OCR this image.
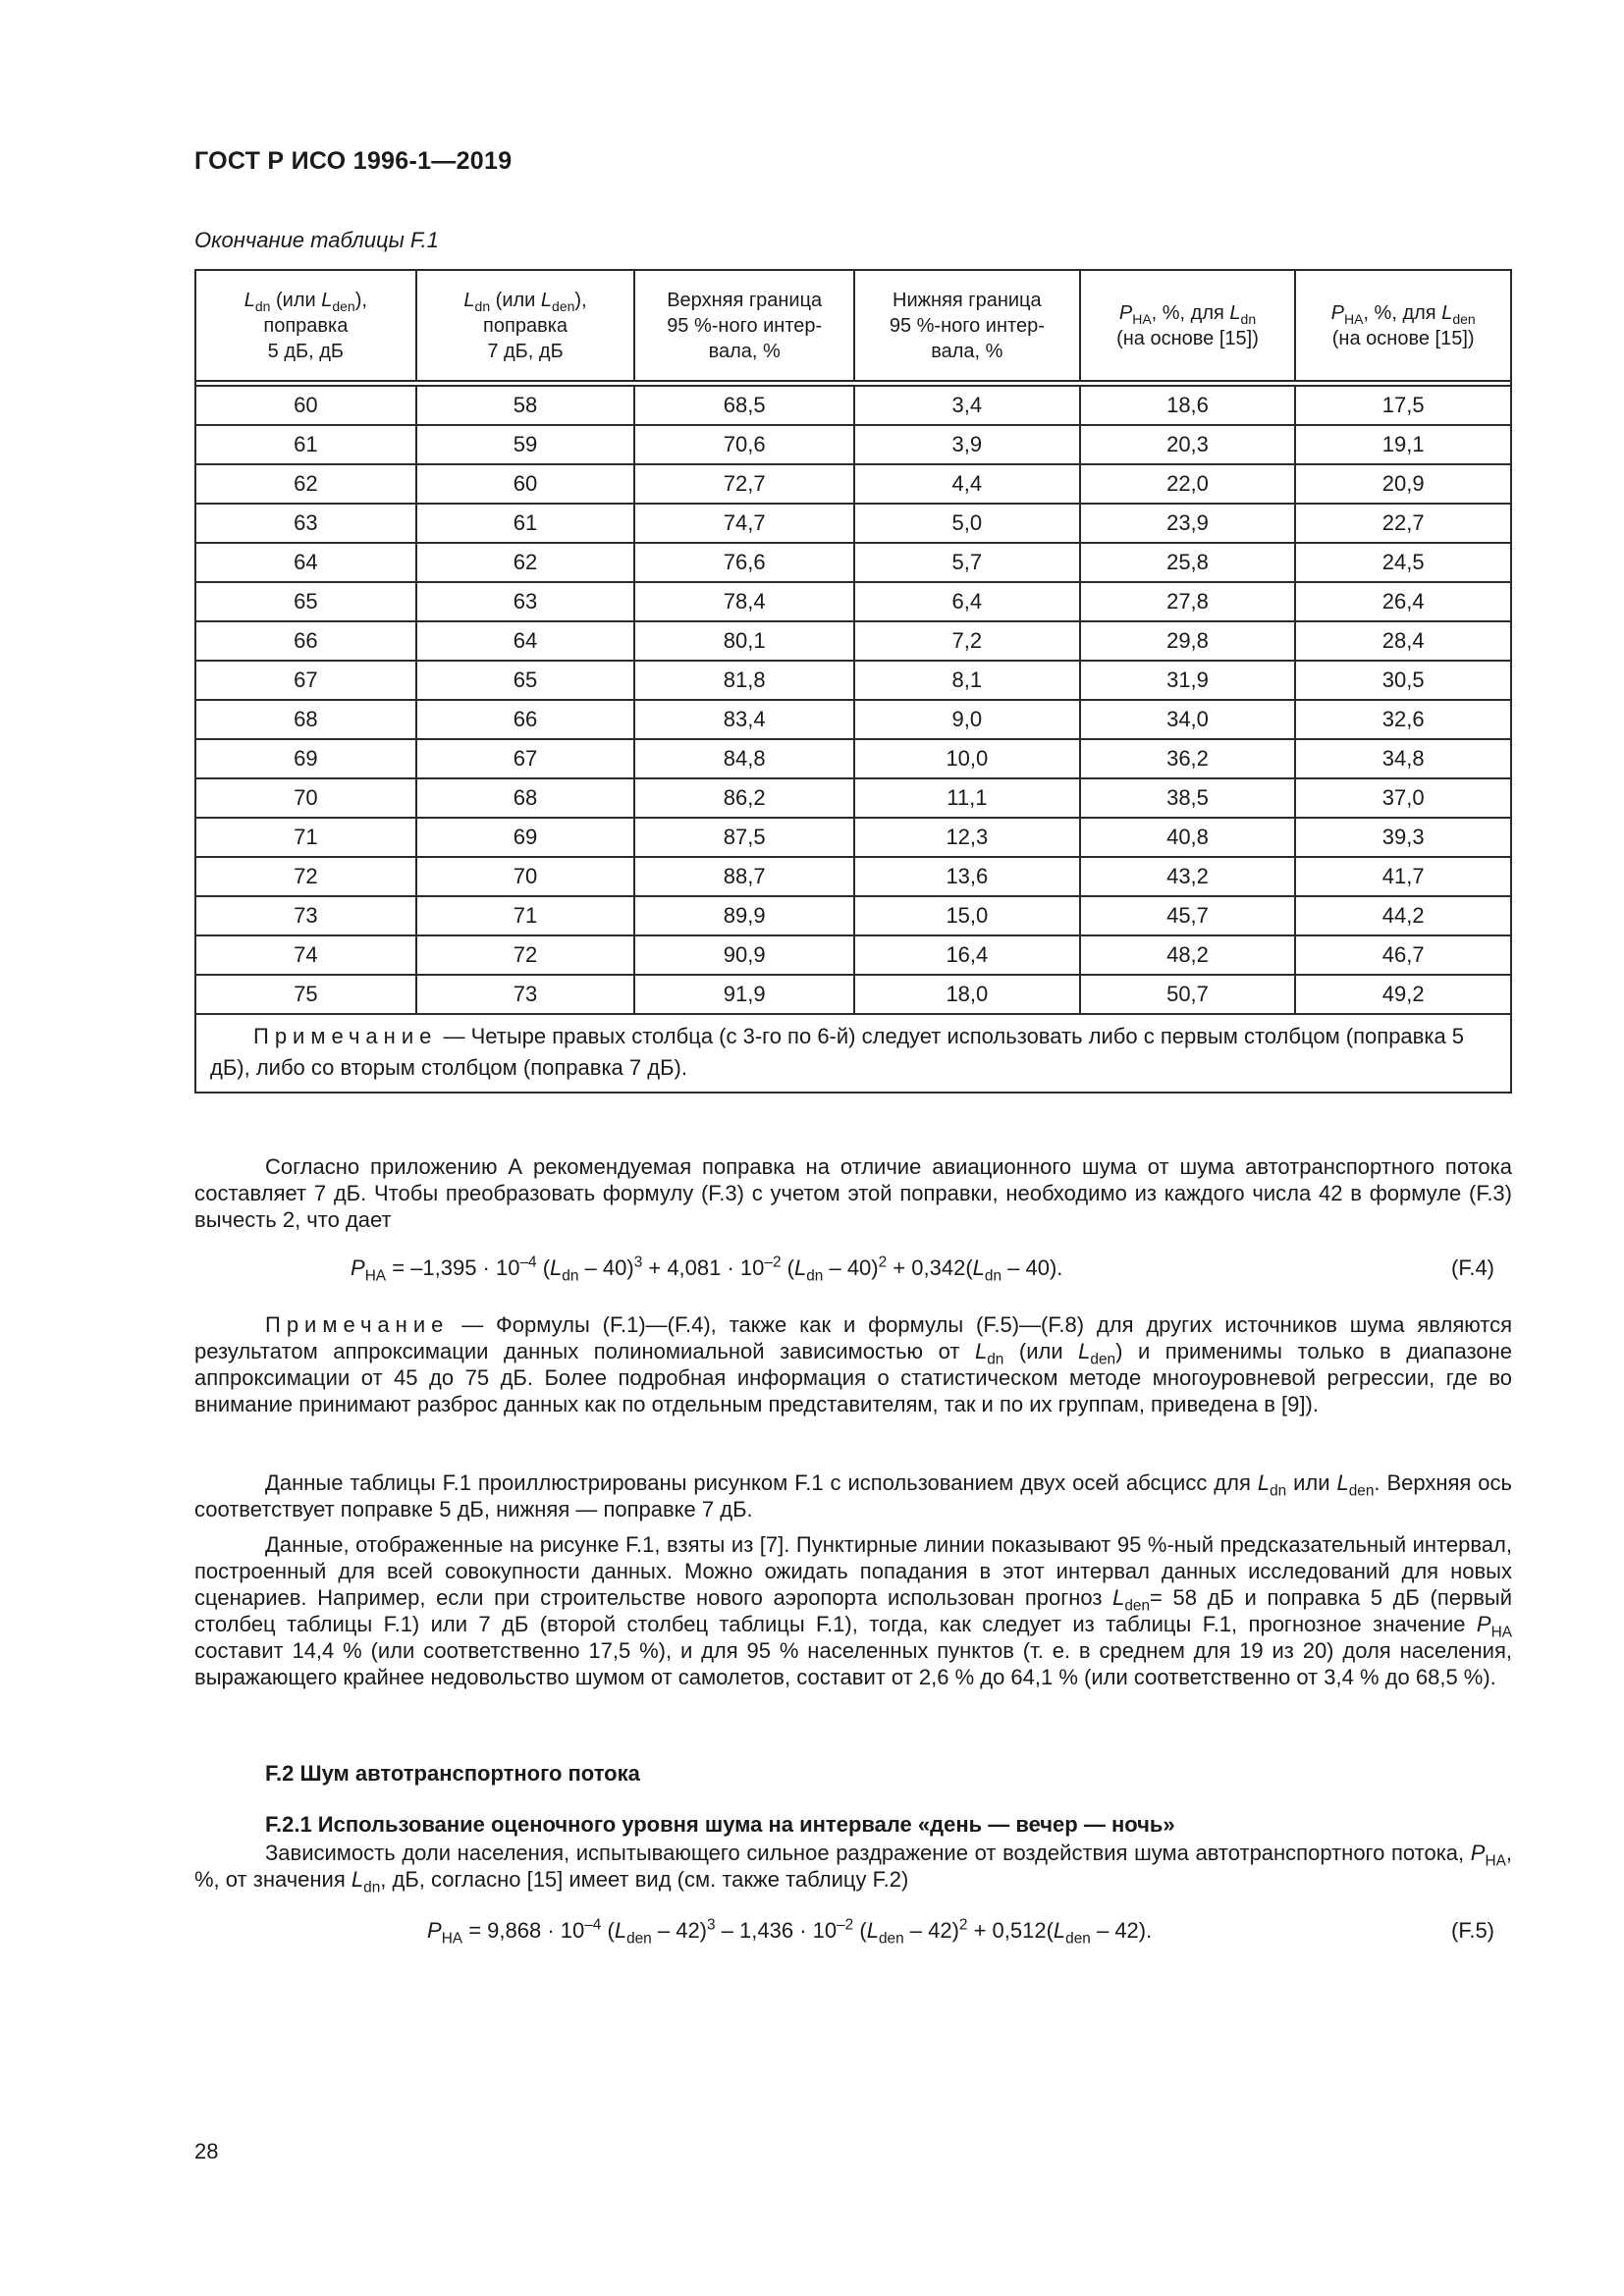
ГОСТ Р ИСО 1996-1—2019
Окончание таблицы F.1
$L_{dn}$ (или $L_{den}$),
поправка
5 дБ, дБ	$L_{dn}$ (или $L_{den}$),
поправка
7 дБ, дБ	Верхняя граница
95 %-ного интер-
вала, %	Нижняя граница
95 %-ного интер-
вала, %	$P_{HA}$, %, для $L_{dn}$
(на основе [15])	$P_{HA}$, %, для $L_{den}$
(на основе [15])

60	58	68,5	3,4	18,6	17,5
61	59	70,6	3,9	20,3	19,1
62	60	72,7	4,4	22,0	20,9
63	61	74,7	5,0	23,9	22,7
64	62	76,6	5,7	25,8	24,5
65	63	78,4	6,4	27,8	26,4
66	64	80,1	7,2	29,8	28,4
67	65	81,8	8,1	31,9	30,5
68	66	83,4	9,0	34,0	32,6
69	67	84,8	10,0	36,2	34,8
70	68	86,2	11,1	38,5	37,0
71	69	87,5	12,3	40,8	39,3
72	70	88,7	13,6	43,2	41,7
73	71	89,9	15,0	45,7	44,2
74	72	90,9	16,4	48,2	46,7
75	73	91,9	18,0	50,7	49,2
Примечание — Четыре правых столбца (с 3-го по 6-й) следует использовать либо с первым столбцом (поправка 5 дБ), либо со вторым столбцом (поправка 7 дБ).					
Согласно приложению А рекомендуемая поправка на отличие авиационного шума от шума автотранспортного потока составляет 7 дБ. Чтобы преобразовать формулу (F.3) с учетом этой поправки, необходимо из каждого числа 42 в формуле (F.3) вычесть 2, что дает
$P_{HA} = -1,395 \cdot 10^{-4}$ $(L_{dn} - 40)^3 + 4,081 \cdot 10^{-2}$ $(L_{dn} - 40)^2 + 0,342(L_{dn} - 40)$.	(F.4)
Примечание — Формулы (F.1)—(F.4), также как и формулы (F.5)—(F.8) для других источников шума являются результатом аппроксимации данных полиномиальной зависимостью от $L_{dn}$ (или $L_{den}$) и применимы только в диапазоне аппроксимации от 45 до 75 дБ. Более подробная информация о статистическом методе многоуровневой регрессии, где во внимание принимают разброс данных как по отдельным представителям, так и по их группам, приведена в [9]).
Данные таблицы F.1 проиллюстрированы рисунком F.1 с использованием двух осей абсцисс для $L_{dn}$ или $L_{den}$. Верхняя ось соответствует поправке 5 дБ, нижняя — поправке 7 дБ.
Данные, отображенные на рисунке F.1, взяты из [7]. Пунктирные линии показывают 95 %-ный предсказательный интервал, построенный для всей совокупности данных. Можно ожидать попадания в этот интервал данных исследований для новых сценариев. Например, если при строительстве нового аэропорта использован прогноз $L_{den}= 58$ дБ и поправка 5 дБ (первый столбец таблицы F.1) или 7 дБ (второй столбец таблицы F.1), тогда, как следует из таблицы F.1, прогнозное значение $P_{HA}$ составит 14,4 % (или соответственно 17,5 %), и для 95 % населенных пунктов (т. е. в среднем для 19 из 20) доля населения, выражающего крайнее недовольство шумом от самолетов, составит от 2,6 % до 64,1 % (или соответственно от 3,4 % до 68,5 %).
F.2 Шум автотранспортного потока
F.2.1 Использование оценочного уровня шума на интервале «день — вечер — ночь»
Зависимость доли населения, испытывающего сильное раздражение от воздействия шума автотранспортного потока, $P_{HA}$, %, от значения $L_{dn}$, дБ, согласно [15] имеет вид (см. также таблицу F.2)
$P_{HA} = 9,868 \cdot 10^{-4}$ $(L_{den} - 42)^3 - 1,436 \cdot 10^{-2}$ $(L_{den} - 42)^2 + 0,512(L_{den} - 42)$.	(F.5)
28
